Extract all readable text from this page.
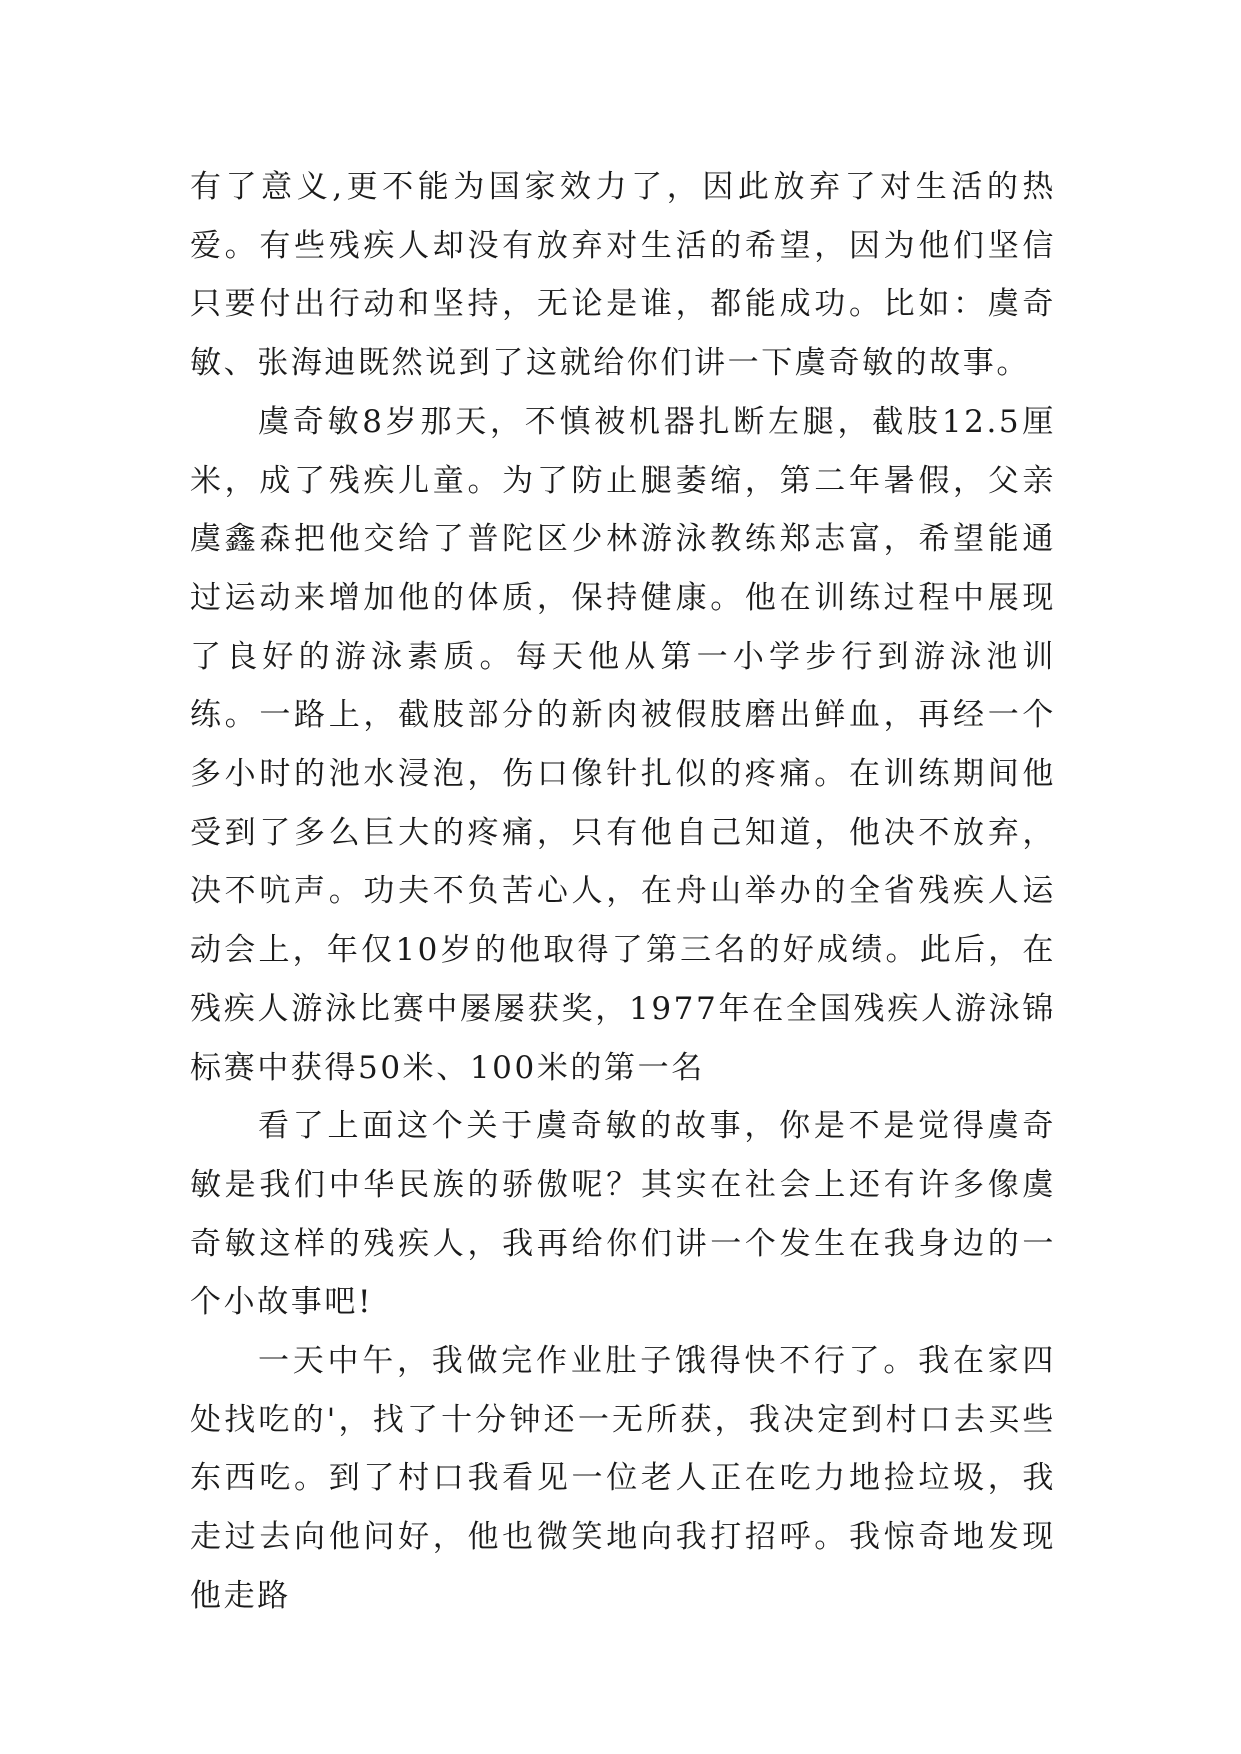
有了意义,更不能为国家效力了，因此放弃了对生活的热爱。有些残疾人却没有放弃对生活的希望，因为他们坚信只要付出行动和坚持，无论是谁，都能成功。比如：虞奇敏、张海迪既然说到了这就给你们讲一下虞奇敏的故事。

虞奇敏8岁那天，不慎被机器扎断左腿，截肢12.5厘米，成了残疾儿童。为了防止腿萎缩，第二年暑假，父亲虞鑫森把他交给了普陀区少林游泳教练郑志富，希望能通过运动来增加他的体质，保持健康。他在训练过程中展现了良好的游泳素质。每天他从第一小学步行到游泳池训练。一路上，截肢部分的新肉被假肢磨出鲜血，再经一个多小时的池水浸泡，伤口像针扎似的疼痛。在训练期间他受到了多么巨大的疼痛，只有他自己知道，他决不放弃，决不吭声。功夫不负苦心人，在舟山举办的全省残疾人运动会上，年仅10岁的他取得了第三名的好成绩。此后，在残疾人游泳比赛中屡屡获奖，1977年在全国残疾人游泳锦标赛中获得50米、100米的第一名

看了上面这个关于虞奇敏的故事，你是不是觉得虞奇敏是我们中华民族的骄傲呢？其实在社会上还有许多像虞奇敏这样的残疾人，我再给你们讲一个发生在我身边的一个小故事吧!

一天中午，我做完作业肚子饿得快不行了。我在家四处找吃的'，找了十分钟还一无所获，我决定到村口去买些东西吃。到了村口我看见一位老人正在吃力地捡垃圾，我走过去向他问好，他也微笑地向我打招呼。我惊奇地发现他走路
